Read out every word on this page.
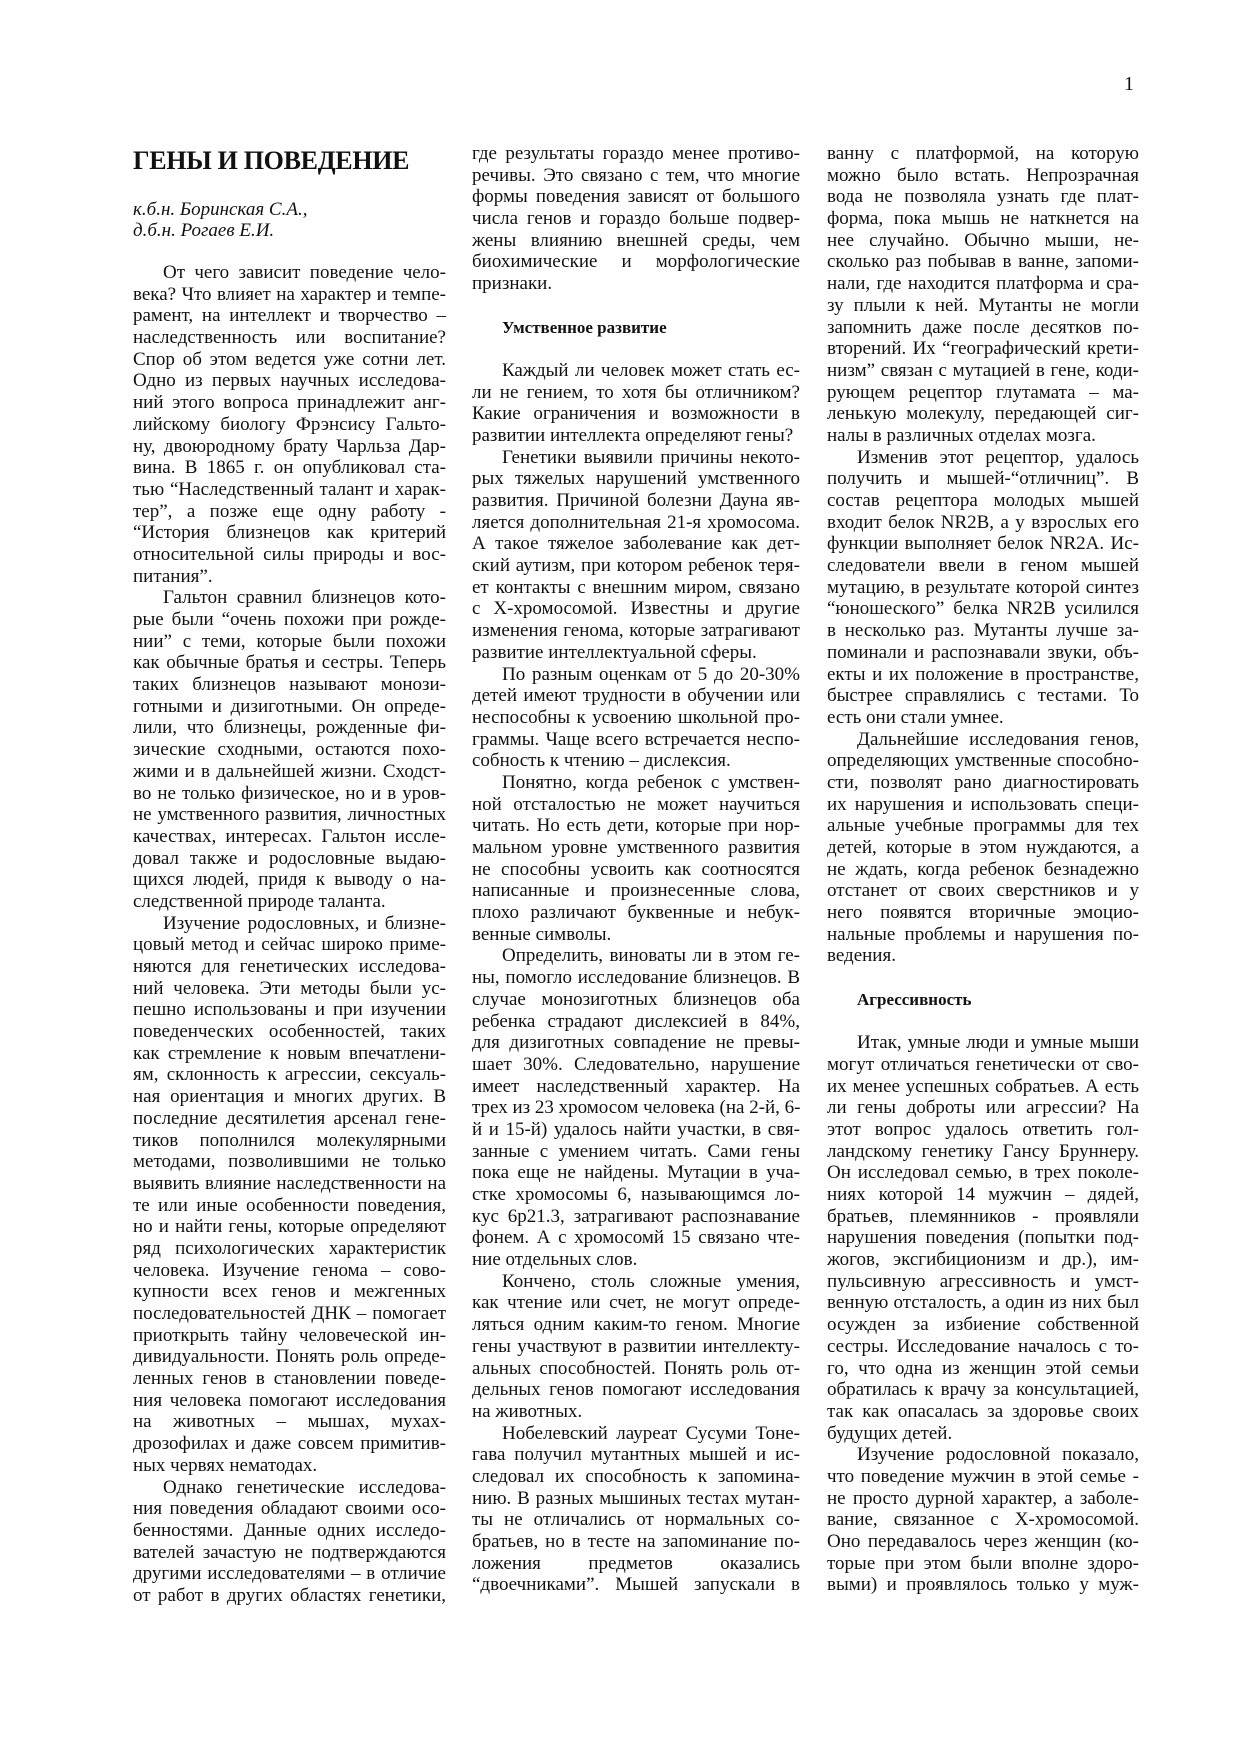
1
ГЕНЫ И ПОВЕДЕНИЕ
к.б.н. Боринская С.А.,
д.б.н. Рогаев Е.И.
От чего зависит поведение чело-
века? Что влияет на характер и темпе-
рамент, на интеллект и творчество –
наследственность или воспитание?
Спор об этом ведется уже сотни лет.
Одно из первых научных исследова-
ний этого вопроса принадлежит анг-
лийскому биологу Фрэнсису Гальто-
ну, двоюродному брату Чарльза Дар-
вина. В 1865 г. он опубликовал ста-
тью “Наследственный талант и харак-
тер”, а позже еще одну работу -
“История близнецов как критерий
относительной силы природы и вос-
питания”.
Гальтон сравнил близнецов кото-
рые были “очень похожи при рожде-
нии” с теми, которые были похожи
как обычные братья и сестры. Теперь
таких близнецов называют монози-
готными и дизиготными. Он опреде-
лили, что близнецы, рожденные фи-
зические сходными, остаются похо-
жими и в дальнейшей жизни. Сходст-
во не только физическое, но и в уров-
не умственного развития, личностных
качествах, интересах. Гальтон иссле-
довал также и родословные выдаю-
щихся людей, придя к выводу о на-
следственной природе таланта.
Изучение родословных, и близне-
цовый метод и сейчас широко приме-
няются для генетических исследова-
ний человека. Эти методы были ус-
пешно использованы и при изучении
поведенческих особенностей, таких
как стремление к новым впечатлени-
ям, склонность к агрессии, сексуаль-
ная ориентация и многих других. В
последние десятилетия арсенал гене-
тиков пополнился молекулярными
методами, позволившими не только
выявить влияние наследственности на
те или иные особенности поведения,
но и найти гены, которые определяют
ряд психологических характеристик
человека. Изучение генома – сово-
купности всех генов и межгенных
последовательностей ДНК – помогает
приоткрыть тайну человеческой ин-
дивидуальности. Понять роль опреде-
ленных генов в становлении поведе-
ния человека помогают исследования
на животных – мышах, мухах-
дрозофилах и даже совсем примитив-
ных червях нематодах.
Однако генетические исследова-
ния поведения обладают своими осо-
бенностями. Данные одних исследо-
вателей зачастую не подтверждаются
другими исследователями – в отличие
от работ в других областях генетики,
где результаты гораздо менее противо-
речивы. Это связано с тем, что многие
формы поведения зависят от большого
числа генов и гораздо больше подвер-
жены влиянию внешней среды, чем
биохимические и морфологические
признаки.
Умственное развитие
Каждый ли человек может стать ес-
ли не гением, то хотя бы отличником?
Какие ограничения и возможности в
развитии интеллекта определяют гены?
Генетики выявили причины некото-
рых тяжелых нарушений умственного
развития. Причиной болезни Дауна яв-
ляется дополнительная 21-я хромосома.
А такое тяжелое заболевание как дет-
ский аутизм, при котором ребенок теря-
ет контакты с внешним миром, связано
с Х-хромосомой. Известны и другие
изменения генома, которые затрагивают
развитие интеллектуальной сферы.
По разным оценкам от 5 до 20-30%
детей имеют трудности в обучении или
неспособны к усвоению школьной про-
граммы. Чаще всего встречается неспо-
собность к чтению – дислексия.
Понятно, когда ребенок с умствен-
ной отсталостью не может научиться
читать. Но есть дети, которые при нор-
мальном уровне умственного развития
не способны усвоить как соотносятся
написанные и произнесенные слова,
плохо различают буквенные и небук-
венные символы.
Определить, виноваты ли в этом ге-
ны, помогло исследование близнецов. В
случае монозиготных близнецов оба
ребенка страдают дислексией в 84%,
для дизиготных совпадение не превы-
шает 30%. Следовательно, нарушение
имеет наследственный характер. На
трех из 23 хромосом человека (на 2-й, 6-
й и 15-й) удалось найти участки, в свя-
занные с умением читать. Сами гены
пока еще не найдены. Мутации в уча-
стке хромосомы 6, называющимся ло-
кус 6р21.3, затрагивают распознавание
фонем. А с хромосомй 15 связано чте-
ние отдельных слов.
Кончено, столь сложные умения,
как чтение или счет, не могут опреде-
ляться одним каким-то геном. Многие
гены участвуют в развитии интеллекту-
альных способностей. Понять роль от-
дельных генов помогают исследования
на животных.
Нобелевский лауреат Сусуми Тоне-
гава получил мутантных мышей и ис-
следовал их способность к запомина-
нию. В разных мышиных тестах мутан-
ты не отличались от нормальных со-
братьев, но в тесте на запоминание по-
ложения предметов оказались
“двоечниками”. Мышей запускали в
ванну с платформой, на которую
можно было встать. Непрозрачная
вода не позволяла узнать где плат-
форма, пока мышь не наткнется на
нее случайно. Обычно мыши, не-
сколько раз побывав в ванне, запоми-
нали, где находится платформа и сра-
зу плыли к ней. Мутанты не могли
запомнить даже после десятков по-
вторений. Их “географический крети-
низм” связан с мутацией в гене, коди-
рующем рецептор глутамата – ма-
ленькую молекулу, передающей сиг-
налы в различных отделах мозга.
Изменив этот рецептор, удалось
получить и мышей-“отличниц”. В
состав рецептора молодых мышей
входит белок NR2B, а у взрослых его
функции выполняет белок NR2A. Ис-
следователи ввели в геном мышей
мутацию, в результате которой синтез
“юношеского” белка NR2B усилился
в несколько раз. Мутанты лучше за-
поминали и распознавали звуки, объ-
екты и их положение в пространстве,
быстрее справлялись с тестами. То
есть они стали умнее.
Дальнейшие исследования генов,
определяющих умственные способно-
сти, позволят рано диагностировать
их нарушения и использовать специ-
альные учебные программы для тех
детей, которые в этом нуждаются, а
не ждать, когда ребенок безнадежно
отстанет от своих сверстников и у
него появятся вторичные эмоцио-
нальные проблемы и нарушения по-
ведения.
Агрессивность
Итак, умные люди и умные мыши
могут отличаться генетически от сво-
их менее успешных собратьев. А есть
ли гены доброты или агрессии? На
этот вопрос удалось ответить гол-
ландскому генетику Гансу Бруннеру.
Он исследовал семью, в трех поколе-
ниях которой 14 мужчин – дядей,
братьев, племянников - проявляли
нарушения поведения (попытки под-
жогов, эксгибиционизм и др.), им-
пульсивную агрессивность и умст-
венную отсталость, а один из них был
осужден за избиение собственной
сестры. Исследование началось с то-
го, что одна из женщин этой семьи
обратилась к врачу за консультацией,
так как опасалась за здоровье своих
будущих детей.
Изучение родословной показало,
что поведение мужчин в этой семье -
не просто дурной характер, а заболе-
вание, связанное с Х-хромосомой.
Оно передавалось через женщин (ко-
торые при этом были вполне здоро-
выми) и проявлялось только у муж-
